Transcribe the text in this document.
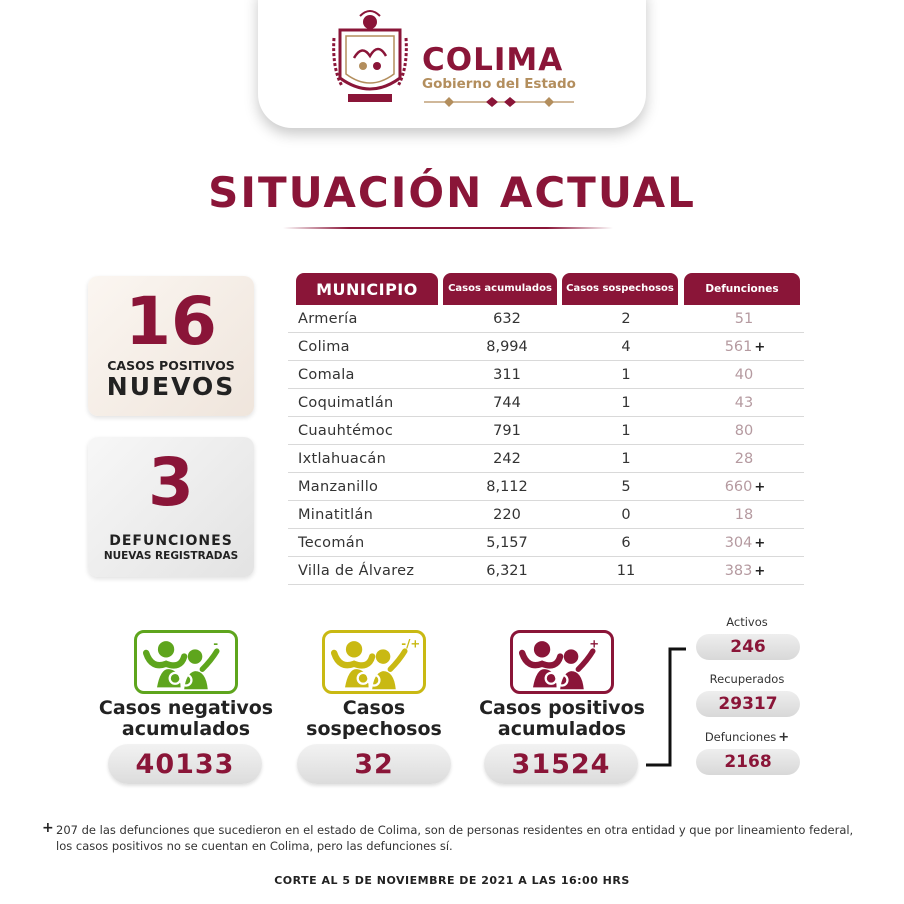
COLIMA
Gobierno del Estado
SITUACIÓN ACTUAL
16
CASOS POSITIVOS
NUEVOS
3
DEFUNCIONES
NUEVAS REGISTRADAS
MUNICIPIO	Casos acumulados	Casos sospechosos	Defunciones
Armería	632	2	51
Colima	8,994	4	561 +
Comala	311	1	40
Coquimatlán	744	1	43
Cuauhtémoc	791	1	80
Ixtlahuacán	242	1	28
Manzanillo	8,112	5	660 +
Minatitlán	220	0	18
Tecomán	5,157	6	304 +
Villa de Álvarez	6,321	11	383 +
-
Casos negativos
acumulados
40133
-/+
Casos
sospechosos
32
+
Casos positivos
acumulados
31524
Activos
246
Recuperados
29317
Defunciones +
2168
+ 207 de las defunciones que sucedieron en el estado de Colima, son de personas residentes en otra entidad y que por lineamiento federal, los casos positivos no se cuentan en Colima, pero las defunciones sí.
CORTE AL 5 DE NOVIEMBRE DE 2021 A LAS 16:00 HRS
